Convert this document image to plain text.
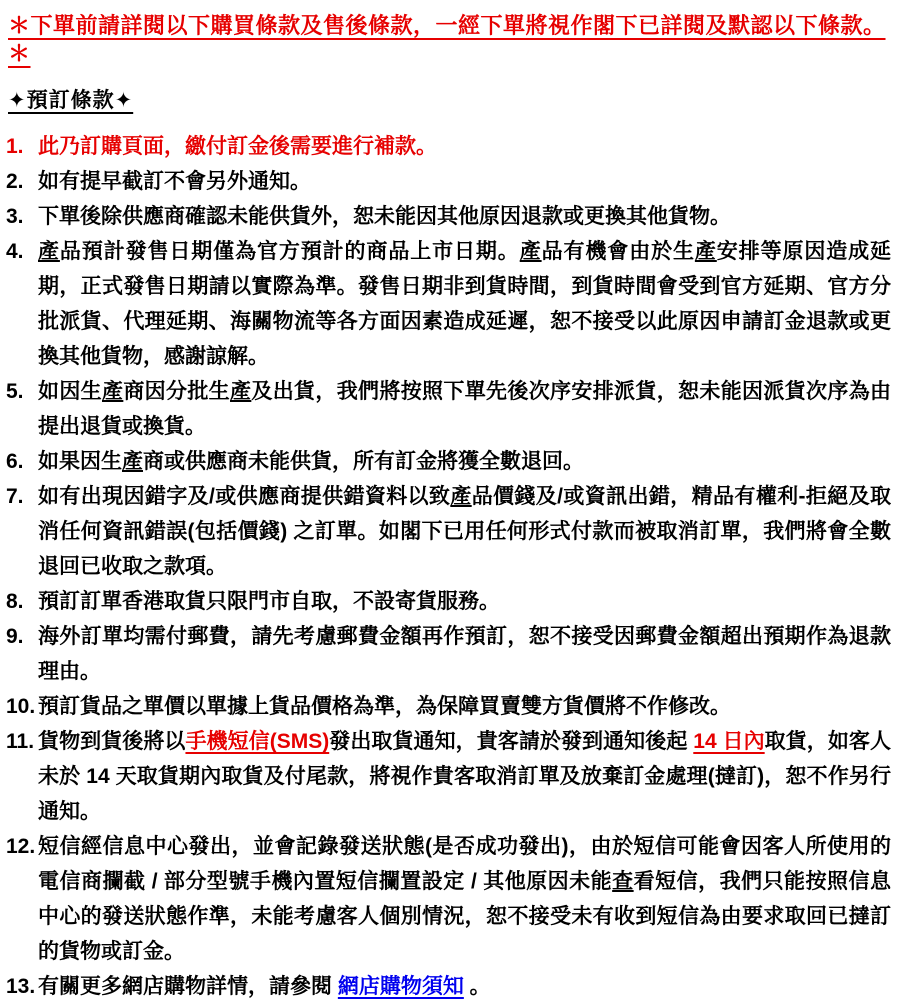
＊下單前請詳閱以下購買條款及售後條款，一經下單將視作閣下已詳閱及默認以下條款。＊
✦預訂條款✦
1. 此乃訂購頁面，繳付訂金後需要進行補款。
2. 如有提早截訂不會另外通知。
3. 下單後除供應商確認未能供貨外，恕未能因其他原因退款或更換其他貨物。
4. 產品預計發售日期僅為官方預計的商品上市日期。產品有機會由於生產安排等原因造成延期，正式發售日期請以實際為準。發售日期非到貨時間，到貨時間會受到官方延期、官方分批派貨、代理延期、海關物流等各方面因素造成延遲，恕不接受以此原因申請訂金退款或更換其他貨物，感謝諒解。
5. 如因生產商因分批生產及出貨，我們將按照下單先後次序安排派貨，恕未能因派貨次序為由提出退貨或換貨。
6. 如果因生產商或供應商未能供貨，所有訂金將獲全數退回。
7. 如有出現因錯字及/或供應商提供錯資料以致產品價錢及/或資訊出錯，精品有權利-拒絕及取消任何資訊錯誤(包括價錢) 之訂單。如閣下已用任何形式付款而被取消訂單，我們將會全數退回已收取之款項。
8. 預訂訂單香港取貨只限門市自取，不設寄貨服務。
9. 海外訂單均需付郵費，請先考慮郵費金額再作預訂，恕不接受因郵費金額超出預期作為退款理由。
10. 預訂貨品之單價以單據上貨品價格為準，為保障買賣雙方貨價將不作修改。
11. 貨物到貨後將以手機短信(SMS)發出取貨通知，貴客請於發到通知後起 14 日內取貨，如客人未於 14 天取貨期內取貨及付尾款，將視作貴客取消訂單及放棄訂金處理(撻訂)，恕不作另行通知。
12. 短信經信息中心發出，並會記錄發送狀態(是否成功發出)，由於短信可能會因客人所使用的電信商攔截 / 部分型號手機內置短信攔置設定 / 其他原因未能查看短信，我們只能按照信息中心的發送狀態作準，未能考慮客人個別情況，恕不接受未有收到短信為由要求取回已撻訂的貨物或訂金。
13. 有關更多網店購物詳情，請參閱 網店購物須知 。
